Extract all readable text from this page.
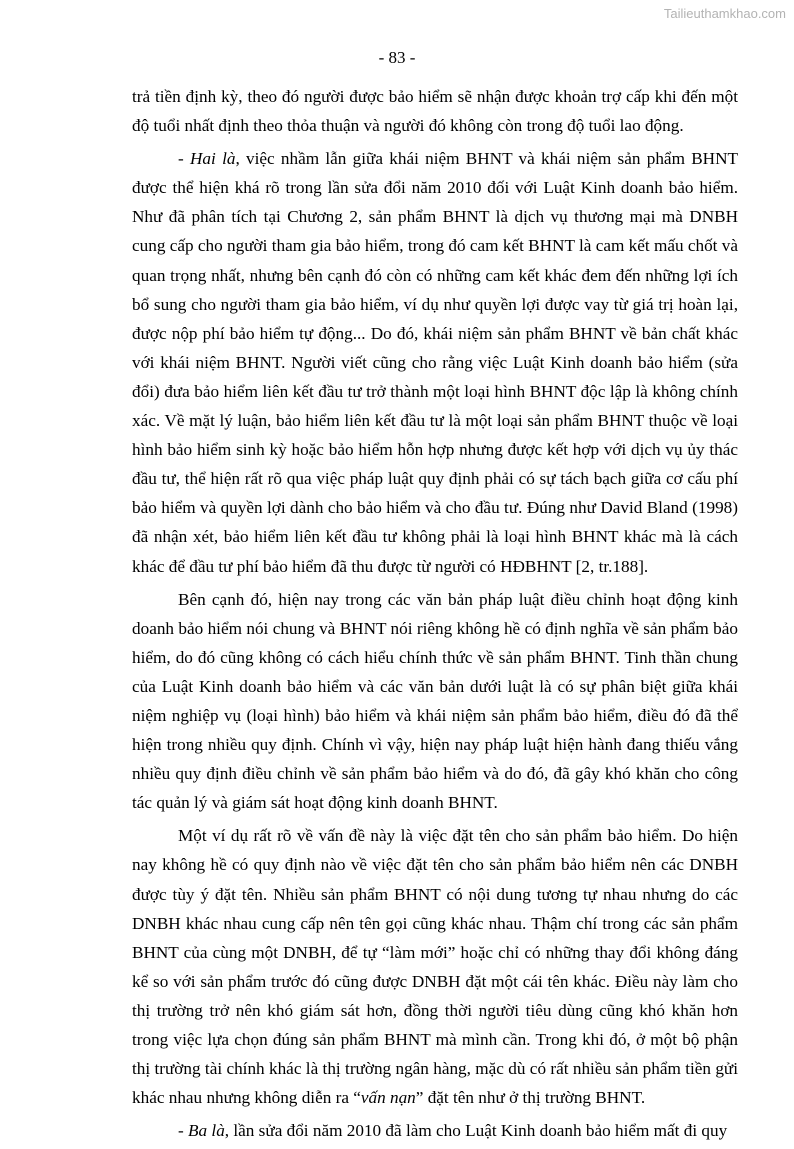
Tailieuthamkhao.com
- 83 -

trả tiền định kỳ, theo đó người được bảo hiểm sẽ nhận được khoản trợ cấp khi đến một độ tuổi nhất định theo thỏa thuận và người đó không còn trong độ tuổi lao động.

- Hai là, việc nhầm lẫn giữa khái niệm BHNT và khái niệm sản phẩm BHNT được thể hiện khá rõ trong lần sửa đổi năm 2010 đối với Luật Kinh doanh bảo hiểm. Như đã phân tích tại Chương 2, sản phẩm BHNT là dịch vụ thương mại mà DNBH cung cấp cho người tham gia bảo hiểm, trong đó cam kết BHNT là cam kết mấu chốt và quan trọng nhất, nhưng bên cạnh đó còn có những cam kết khác đem đến những lợi ích bổ sung cho người tham gia bảo hiểm, ví dụ như quyền lợi được vay từ giá trị hoàn lại, được nộp phí bảo hiểm tự động... Do đó, khái niệm sản phẩm BHNT về bản chất khác với khái niệm BHNT. Người viết cũng cho rằng việc Luật Kinh doanh bảo hiểm (sửa đổi) đưa bảo hiểm liên kết đầu tư trở thành một loại hình BHNT độc lập là không chính xác. Về mặt lý luận, bảo hiểm liên kết đầu tư là một loại sản phẩm BHNT thuộc về loại hình bảo hiểm sinh kỳ hoặc bảo hiểm hỗn hợp nhưng được kết hợp với dịch vụ ủy thác đầu tư, thể hiện rất rõ qua việc pháp luật quy định phải có sự tách bạch giữa cơ cấu phí bảo hiểm và quyền lợi dành cho bảo hiểm và cho đầu tư. Đúng như David Bland (1998) đã nhận xét, bảo hiểm liên kết đầu tư không phải là loại hình BHNT khác mà là cách khác để đầu tư phí bảo hiểm đã thu được từ người có HĐBHNT [2, tr.188].

Bên cạnh đó, hiện nay trong các văn bản pháp luật điều chỉnh hoạt động kinh doanh bảo hiểm nói chung và BHNT nói riêng không hề có định nghĩa về sản phẩm bảo hiểm, do đó cũng không có cách hiểu chính thức về sản phẩm BHNT. Tinh thần chung của Luật Kinh doanh bảo hiểm và các văn bản dưới luật là có sự phân biệt giữa khái niệm nghiệp vụ (loại hình) bảo hiểm và khái niệm sản phẩm bảo hiểm, điều đó đã thể hiện trong nhiều quy định. Chính vì vậy, hiện nay pháp luật hiện hành đang thiếu vắng nhiều quy định điều chỉnh về sản phẩm bảo hiểm và do đó, đã gây khó khăn cho công tác quản lý và giám sát hoạt động kinh doanh BHNT.

Một ví dụ rất rõ về vấn đề này là việc đặt tên cho sản phẩm bảo hiểm. Do hiện nay không hề có quy định nào về việc đặt tên cho sản phẩm bảo hiểm nên các DNBH được tùy ý đặt tên. Nhiều sản phẩm BHNT có nội dung tương tự nhau nhưng do các DNBH khác nhau cung cấp nên tên gọi cũng khác nhau. Thậm chí trong các sản phẩm BHNT của cùng một DNBH, để tự “làm mới” hoặc chỉ có những thay đổi không đáng kể so với sản phẩm trước đó cũng được DNBH đặt một cái tên khác. Điều này làm cho thị trường trở nên khó giám sát hơn, đồng thời người tiêu dùng cũng khó khăn hơn trong việc lựa chọn đúng sản phẩm BHNT mà mình cần. Trong khi đó, ở một bộ phận thị trường tài chính khác là thị trường ngân hàng, mặc dù có rất nhiều sản phẩm tiền gửi khác nhau nhưng không diễn ra “vấn nạn” đặt tên như ở thị trường BHNT.

- Ba là, lần sửa đổi năm 2010 đã làm cho Luật Kinh doanh bảo hiểm mất đi quy
